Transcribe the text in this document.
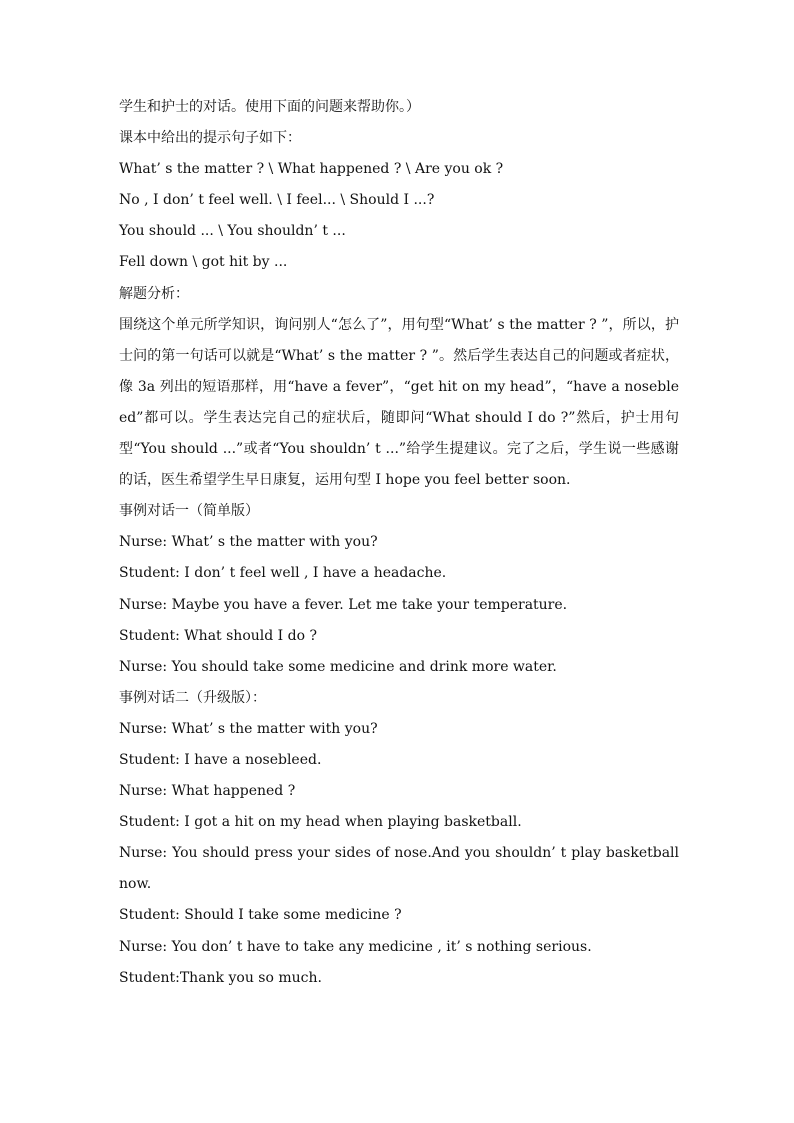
学生和护士的对话。使用下面的问题来帮助你。）
课本中给出的提示句子如下：
What’ s the matter ? \ What happened ? \ Are you ok ?
No , I don’ t feel well. \ I feel... \ Should I ...?
You should ... \ You shouldn’ t ...
Fell down \ got hit by ...
解题分析：
围绕这个单元所学知识，询问别人“怎么了”，用句型“What’ s the matter ? ”，所以，护士问的第一句话可以就是“What’ s the matter ? ”。然后学生表达自己的问题或者症状，像 3a 列出的短语那样，用“have a fever”，“get hit on my head”，“have a nosebleed”都可以。学生表达完自己的症状后，随即问“What should I do ?”然后，护士用句型“You should ...”或者“You shouldn’ t ...”给学生提建议。完了之后，学生说一些感谢的话，医生希望学生早日康复，运用句型 I hope you feel better soon.
事例对话一（简单版）
Nurse: What’ s the matter with you?
Student: I don’ t feel well , I have a headache.
Nurse: Maybe you have a fever. Let me take your temperature.
Student: What should I do ?
Nurse: You should take some medicine and drink more water.
事例对话二（升级版）：
Nurse: What’ s the matter with you?
Student: I have a nosebleed.
Nurse: What happened ?
Student: I got a hit on my head when playing basketball.
Nurse: You should press your sides of nose.And you shouldn’ t play basketball now.
Student: Should I take some medicine ?
Nurse: You don’ t have to take any medicine , it’ s nothing serious.
Student:Thank you so much.
